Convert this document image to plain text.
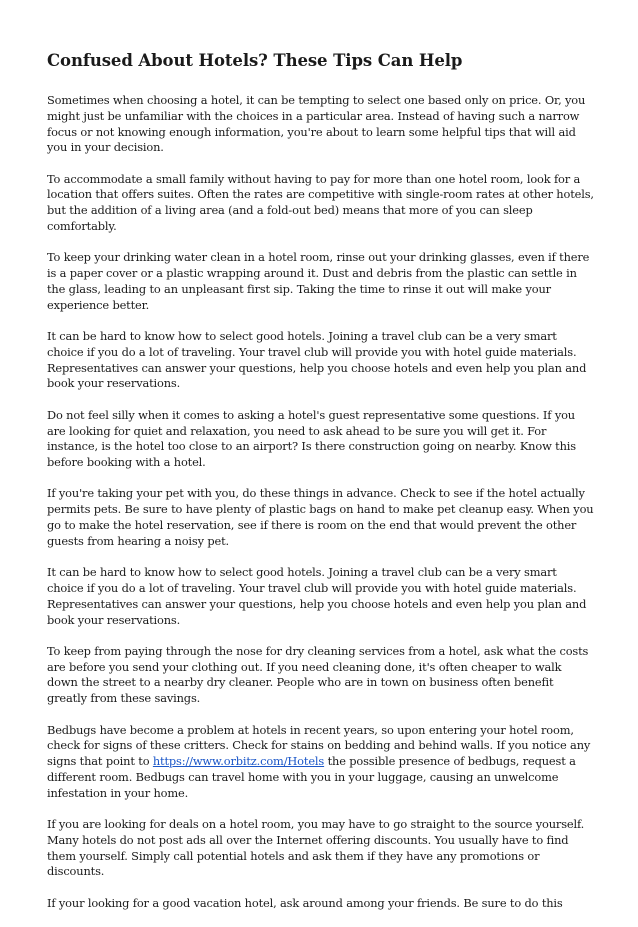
Confused About Hotels? These Tips Can Help

Sometimes when choosing a hotel, it can be tempting to select one based only on price. Or, you might just be unfamiliar with the choices in a particular area. Instead of having such a narrow focus or not knowing enough information, you're about to learn some helpful tips that will aid you in your decision.

To accommodate a small family without having to pay for more than one hotel room, look for a location that offers suites. Often the rates are competitive with single-room rates at other hotels, but the addition of a living area (and a fold-out bed) means that more of you can sleep comfortably.

To keep your drinking water clean in a hotel room, rinse out your drinking glasses, even if there is a paper cover or a plastic wrapping around it. Dust and debris from the plastic can settle in the glass, leading to an unpleasant first sip. Taking the time to rinse it out will make your experience better.

It can be hard to know how to select good hotels. Joining a travel club can be a very smart choice if you do a lot of traveling. Your travel club will provide you with hotel guide materials. Representatives can answer your questions, help you choose hotels and even help you plan and book your reservations.

Do not feel silly when it comes to asking a hotel's guest representative some questions. If you are looking for quiet and relaxation, you need to ask ahead to be sure you will get it. For instance, is the hotel too close to an airport? Is there construction going on nearby. Know this before booking with a hotel.

If you're taking your pet with you, do these things in advance. Check to see if the hotel actually permits pets. Be sure to have plenty of plastic bags on hand to make pet cleanup easy. When you go to make the hotel reservation, see if there is room on the end that would prevent the other guests from hearing a noisy pet.

It can be hard to know how to select good hotels. Joining a travel club can be a very smart choice if you do a lot of traveling. Your travel club will provide you with hotel guide materials. Representatives can answer your questions, help you choose hotels and even help you plan and book your reservations.

To keep from paying through the nose for dry cleaning services from a hotel, ask what the costs are before you send your clothing out. If you need cleaning done, it's often cheaper to walk down the street to a nearby dry cleaner. People who are in town on business often benefit greatly from these savings.

Bedbugs have become a problem at hotels in recent years, so upon entering your hotel room, check for signs of these critters. Check for stains on bedding and behind walls. If you notice any signs that point to https://www.orbitz.com/Hotels the possible presence of bedbugs, request a different room. Bedbugs can travel home with you in your luggage, causing an unwelcome infestation in your home.

If you are looking for deals on a hotel room, you may have to go straight to the source yourself. Many hotels do not post ads all over the Internet offering discounts. You usually have to find them yourself. Simply call potential hotels and ask them if they have any promotions or discounts.

If your looking for a good vacation hotel, ask around among your friends. Be sure to do this
